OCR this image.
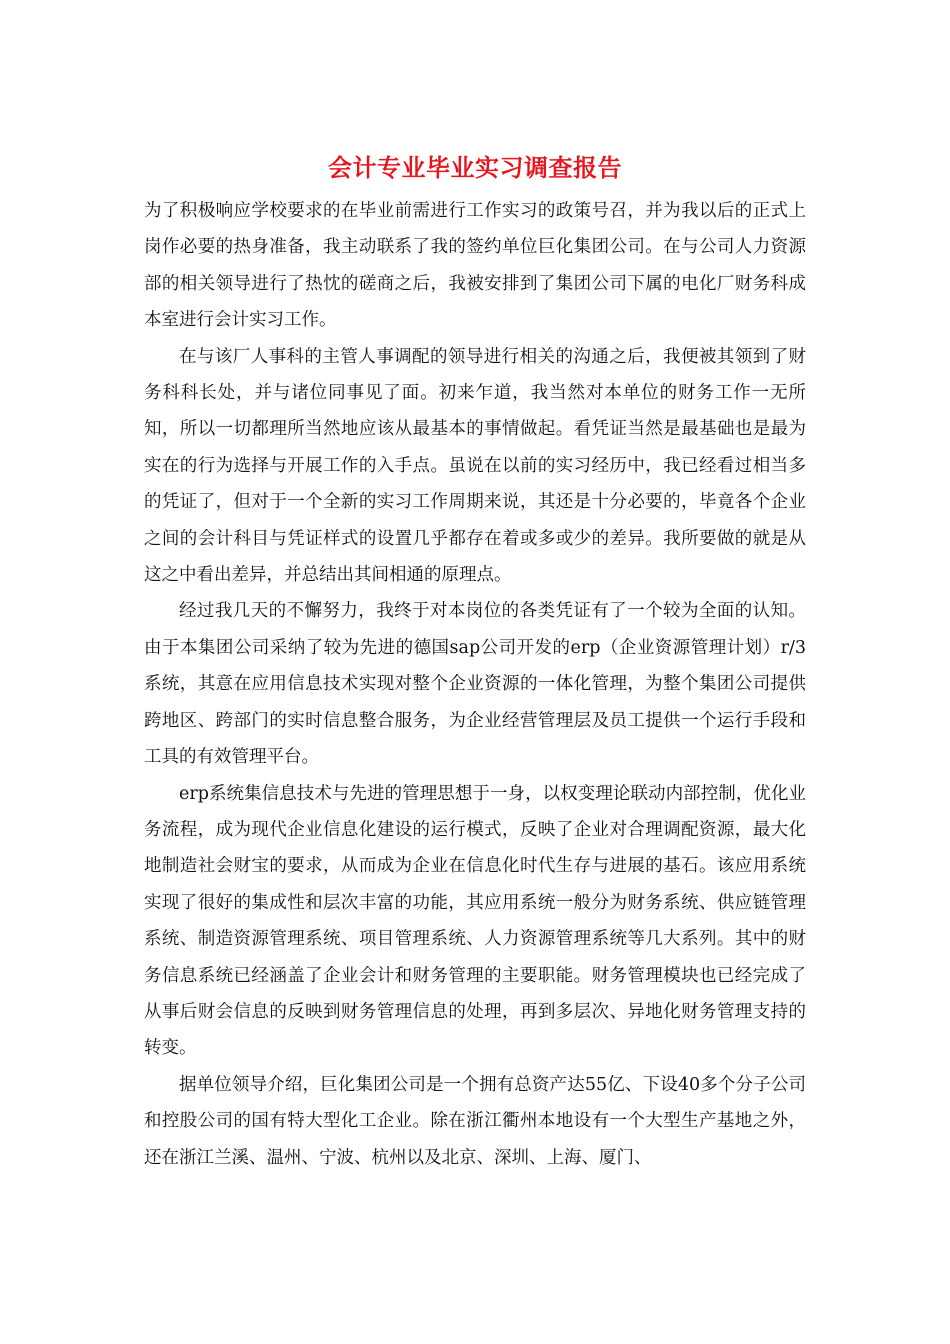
会计专业毕业实习调查报告

为了积极响应学校要求的在毕业前需进行工作实习的政策号召，并为我以后的正式上岗作必要的热身准备，我主动联系了我的签约单位巨化集团公司。在与公司人力资源部的相关领导进行了热忱的磋商之后，我被安排到了集团公司下属的电化厂财务科成本室进行会计实习工作。

在与该厂人事科的主管人事调配的领导进行相关的沟通之后，我便被其领到了财务科科长处，并与诸位同事见了面。初来乍道，我当然对本单位的财务工作一无所知，所以一切都理所当然地应该从最基本的事情做起。看凭证当然是最基础也是最为实在的行为选择与开展工作的入手点。虽说在以前的实习经历中，我已经看过相当多的凭证了，但对于一个全新的实习工作周期来说，其还是十分必要的，毕竟各个企业之间的会计科目与凭证样式的设置几乎都存在着或多或少的差异。我所要做的就是从这之中看出差异，并总结出其间相通的原理点。

经过我几天的不懈努力，我终于对本岗位的各类凭证有了一个较为全面的认知。由于本集团公司采纳了较为先进的德国sap公司开发的erp（企业资源管理计划）r/3系统，其意在应用信息技术实现对整个企业资源的一体化管理，为整个集团公司提供跨地区、跨部门的实时信息整合服务，为企业经营管理层及员工提供一个运行手段和工具的有效管理平台。

erp系统集信息技术与先进的管理思想于一身，以权变理论联动内部控制，优化业务流程，成为现代企业信息化建设的运行模式，反映了企业对合理调配资源，最大化地制造社会财宝的要求，从而成为企业在信息化时代生存与进展的基石。该应用系统实现了很好的集成性和层次丰富的功能，其应用系统一般分为财务系统、供应链管理系统、制造资源管理系统、项目管理系统、人力资源管理系统等几大系列。其中的财务信息系统已经涵盖了企业会计和财务管理的主要职能。财务管理模块也已经完成了从事后财会信息的反映到财务管理信息的处理，再到多层次、异地化财务管理支持的转变。

据单位领导介绍，巨化集团公司是一个拥有总资产达55亿、下设40多个分子公司和控股公司的国有特大型化工企业。除在浙江衢州本地设有一个大型生产基地之外，还在浙江兰溪、温州、宁波、杭州以及北京、深圳、上海、厦门、
